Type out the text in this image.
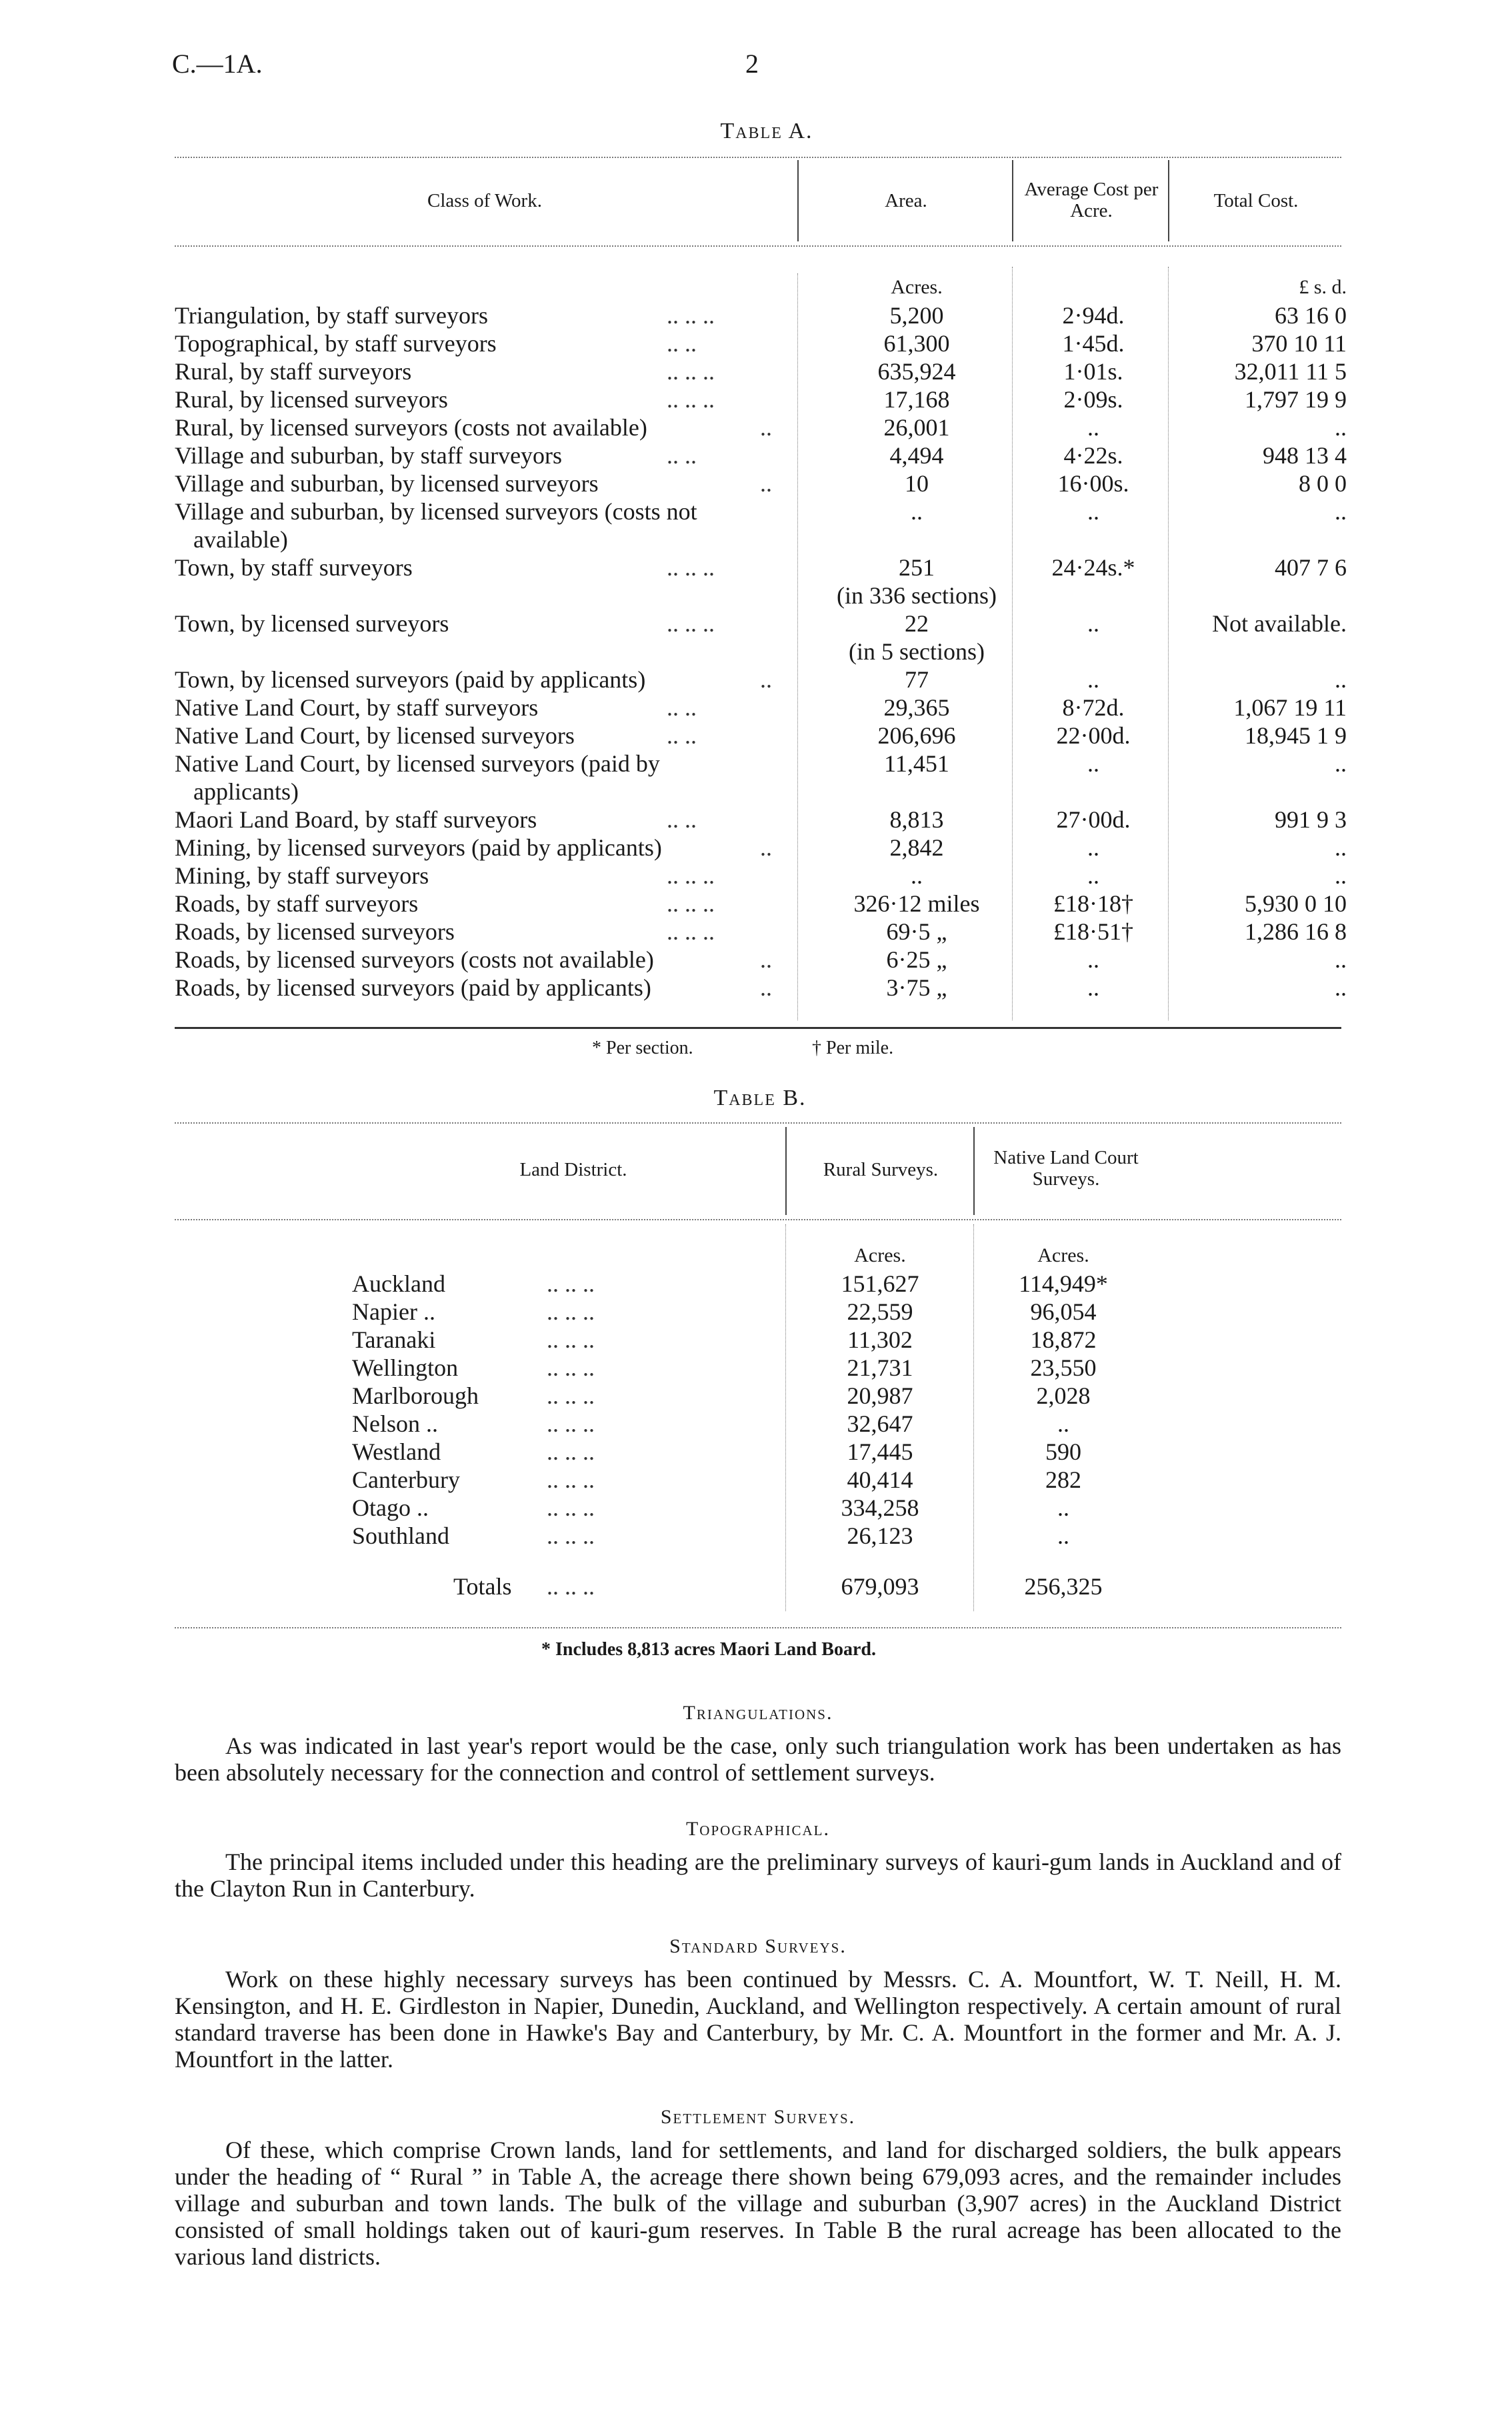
C.—1A.	2
Table A.
Class of Work.	Area.
Average Cost per Acre.	Total Cost.
Acres.	£ s. d.
Triangulation, by staff surveyors	.. .. ..	5,200	2·94d.	63 16 0
Topographical, by staff surveyors	.. ..	61,300	1·45d.	370 10 11
Rural, by staff surveyors	.. .. ..	635,924	1·01s.	32,011 11 5
Rural, by licensed surveyors	.. .. ..	17,168	2·09s.	1,797 19 9
Rural, by licensed surveyors (costs not available)	..	26,001	..	..
Village and suburban, by staff surveyors	.. ..	4,494	4·22s.	948 13 4
Village and suburban, by licensed surveyors	..	10	16·00s.	8 0 0
Village and suburban, by licensed surveyors (costs not	..	..	..
available)
Town, by staff surveyors	.. .. ..	251	24·24s.*	407 7 6
(in 336 sections)
Town, by licensed surveyors	.. .. ..	22	..	Not available.
(in 5 sections)
Town, by licensed surveyors (paid by applicants)	..	77	..	..
Native Land Court, by staff surveyors	.. ..	29,365	8·72d.	1,067 19 11
Native Land Court, by licensed surveyors	.. ..	206,696	22·00d.	18,945 1 9
Native Land Court, by licensed surveyors (paid by	11,451	..	..
applicants)
Maori Land Board, by staff surveyors	.. ..	8,813	27·00d.	991 9 3
Mining, by licensed surveyors (paid by applicants)	..	2,842	..	..
Mining, by staff surveyors	.. .. ..	..	..	..
Roads, by staff surveyors	.. .. ..	326·12 miles	£18·18†	5,930 0 10
Roads, by licensed surveyors	.. .. ..	69·5 „	£18·51†	1,286 16 8
Roads, by licensed surveyors (costs not available)	..	6·25 „	..	..
Roads, by licensed surveyors (paid by applicants)	..	3·75 „	..	..
* Per section.	† Per mile.
Table B.
Land District.	Rural Surveys.
Native Land Court Surveys.
Acres.	Acres.
Auckland	.. .. ..	151,627	114,949*
Napier ..	.. .. ..	22,559	96,054
Taranaki	.. .. ..	11,302	18,872
Wellington	.. .. ..	21,731	23,550
Marlborough	.. .. ..	20,987	2,028
Nelson ..	.. .. ..	32,647	..
Westland	.. .. ..	17,445	590
Canterbury	.. .. ..	40,414	282
Otago ..	.. .. ..	334,258	..
Southland	.. .. ..	26,123	..
Totals .. .. ..	679,093	256,325
* Includes 8,813 acres Maori Land Board.
Triangulations.
As was indicated in last year's report would be the case, only such triangulation work has been undertaken as has been absolutely necessary for the connection and control of settlement surveys.
Topographical.
The principal items included under this heading are the preliminary surveys of kauri-gum lands in Auckland and of the Clayton Run in Canterbury.
Standard Surveys.
Work on these highly necessary surveys has been continued by Messrs. C. A. Mountfort, W. T. Neill, H. M. Kensington, and H. E. Girdleston in Napier, Dunedin, Auckland, and Wellington respectively. A certain amount of rural standard traverse has been done in Hawke's Bay and Canterbury, by Mr. C. A. Mountfort in the former and Mr. A. J. Mountfort in the latter.
Settlement Surveys.
Of these, which comprise Crown lands, land for settlements, and land for discharged soldiers, the bulk appears under the heading of “ Rural ” in Table A, the acreage there shown being 679,093 acres, and the remainder includes village and suburban and town lands. The bulk of the village and suburban (3,907 acres) in the Auckland District consisted of small holdings taken out of kauri-gum reserves. In Table B the rural acreage has been allocated to the various land districts.
